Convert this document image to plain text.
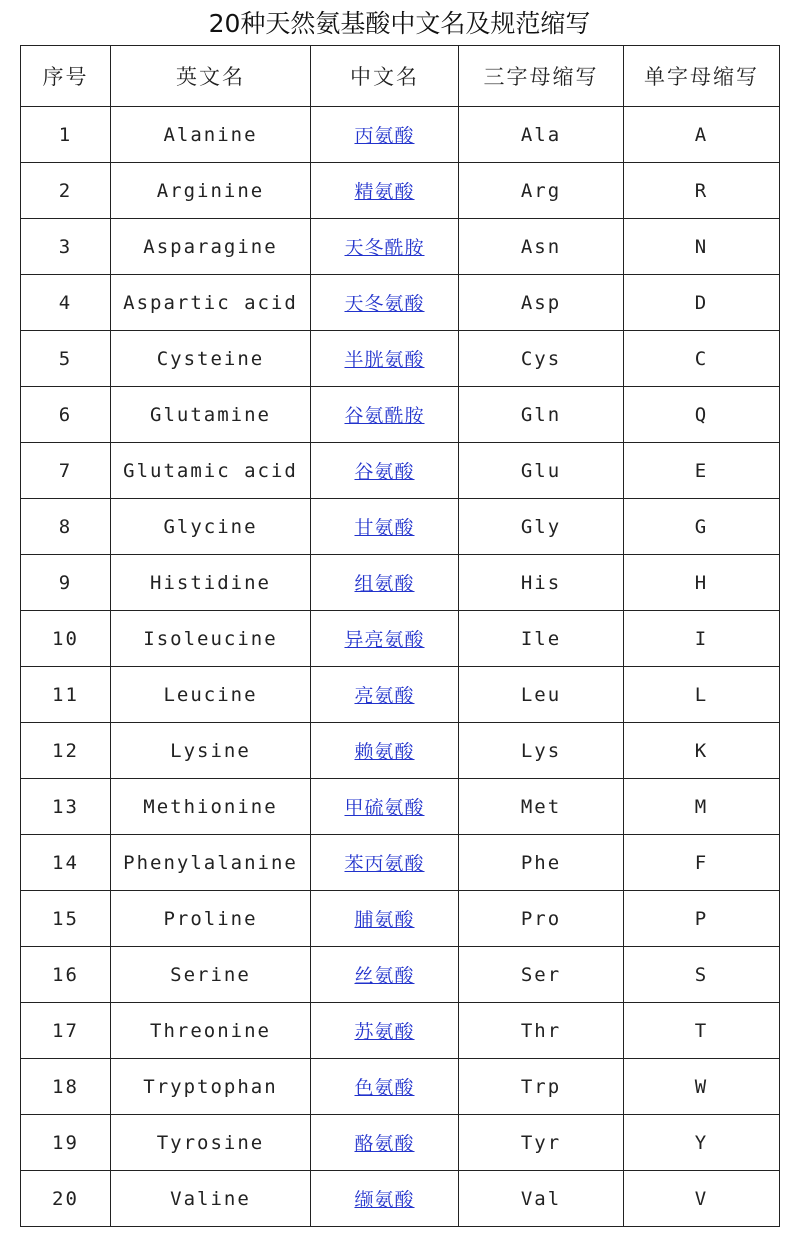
20种天然氨基酸中文名及规范缩写
序号	英文名	中文名	三字母缩写	单字母缩写
1	Alanine	丙氨酸	Ala	A
2	Arginine	精氨酸	Arg	R
3	Asparagine	天冬酰胺	Asn	N
4	Aspartic acid	天冬氨酸	Asp	D
5	Cysteine	半胱氨酸	Cys	C
6	Glutamine	谷氨酰胺	Gln	Q
7	Glutamic acid	谷氨酸	Glu	E
8	Glycine	甘氨酸	Gly	G
9	Histidine	组氨酸	His	H
10	Isoleucine	异亮氨酸	Ile	I
11	Leucine	亮氨酸	Leu	L
12	Lysine	赖氨酸	Lys	K
13	Methionine	甲硫氨酸	Met	M
14	Phenylalanine	苯丙氨酸	Phe	F
15	Proline	脯氨酸	Pro	P
16	Serine	丝氨酸	Ser	S
17	Threonine	苏氨酸	Thr	T
18	Tryptophan	色氨酸	Trp	W
19	Tyrosine	酪氨酸	Tyr	Y
20	Valine	缬氨酸	Val	V
